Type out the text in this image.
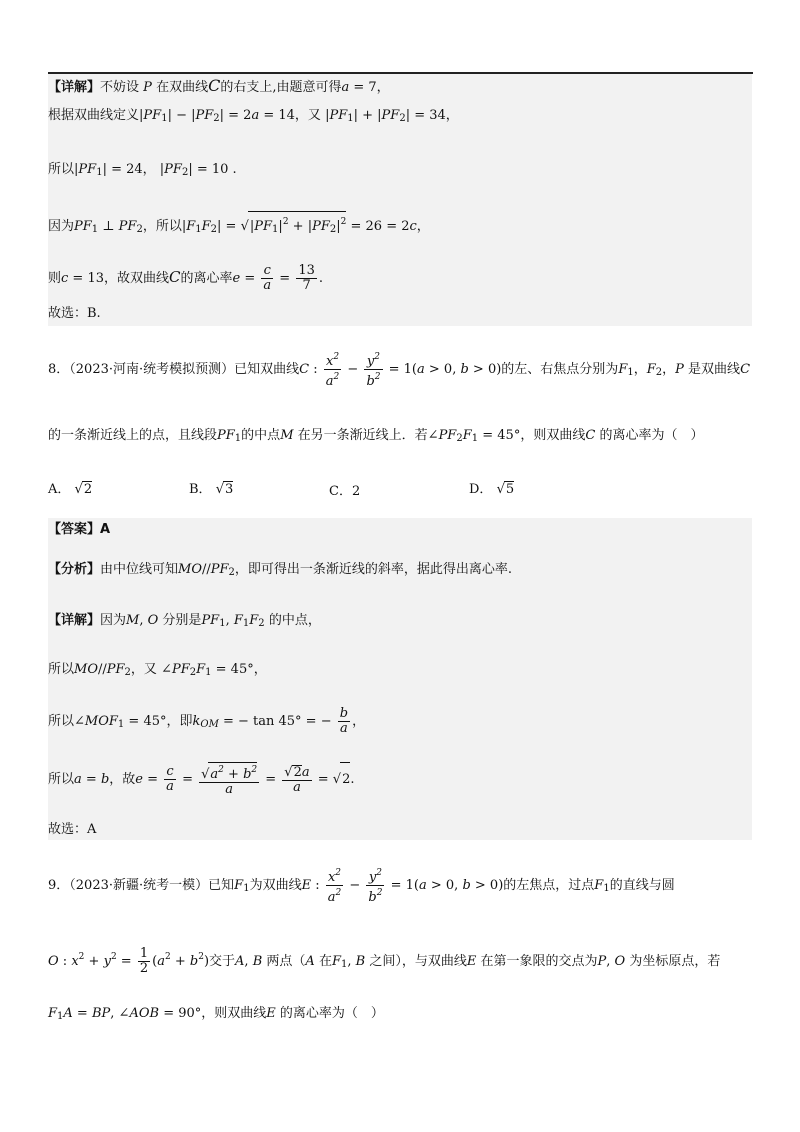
【详解】不妨设 P 在双曲线C的右支上,由题意可得a = 7，
根据双曲线定义|PF1| − |PF2| = 2a = 14，又 |PF1| + |PF2| = 34，
所以|PF1| = 24， |PF2| = 10 .
因为PF1 ⊥ PF2，所以$|F1F2| = √|PF1|^2 + |PF2|^2 = 26 = 2c$，
则c = 13，故双曲线C的离心率$e = \frac{c}{a} = \frac{13}{7}$ .
故选：B.
8．（2023·河南·统考模拟预测）已知双曲线C : $\frac{x^2}{a^2} - \frac{y^2}{b^2} = 1(a > 0$, b > 0)的左、右焦点分别为F1，F2，P 是双曲线C
的一条渐近线上的点，且线段PF1的中点M 在另一条渐近线上．若∠PF2F1 = 45°，则双曲线C 的离心率为（　）
A． √2	B． √3	C．2	D． √5
【答案】A
【分析】由中位线可知MO//PF2，即可得出一条渐近线的斜率，据此得出离心率.
【详解】因为M, O 分别是PF1, F1F2 的中点，
所以MO//PF2，又 ∠PF2F1 = 45°，
所以∠MOF1 = 45°，即kOM = − tan 45° = − $\frac{b}{a}$ ，
所以a = b，故$e = \frac{c}{a} = \frac{√a^2 + b^2}{a} = \frac{√2a}{a} = √2$.
故选：A
9．（2023·新疆·统考一模）已知F1为双曲线E : $\frac{x^2}{a^2} - \frac{y^2}{b^2} = 1(a > 0$, b > 0)的左焦点，过点F1的直线与圆
O : $x^2 + y^2 = \frac{1}{2} (a^2 + b^2)$交于A, B 两点（A 在F1, B 之间），与双曲线E 在第一象限的交点为P, O 为坐标原点，若
F1A = BP, ∠AOB = 90°，则双曲线E 的离心率为（　）
